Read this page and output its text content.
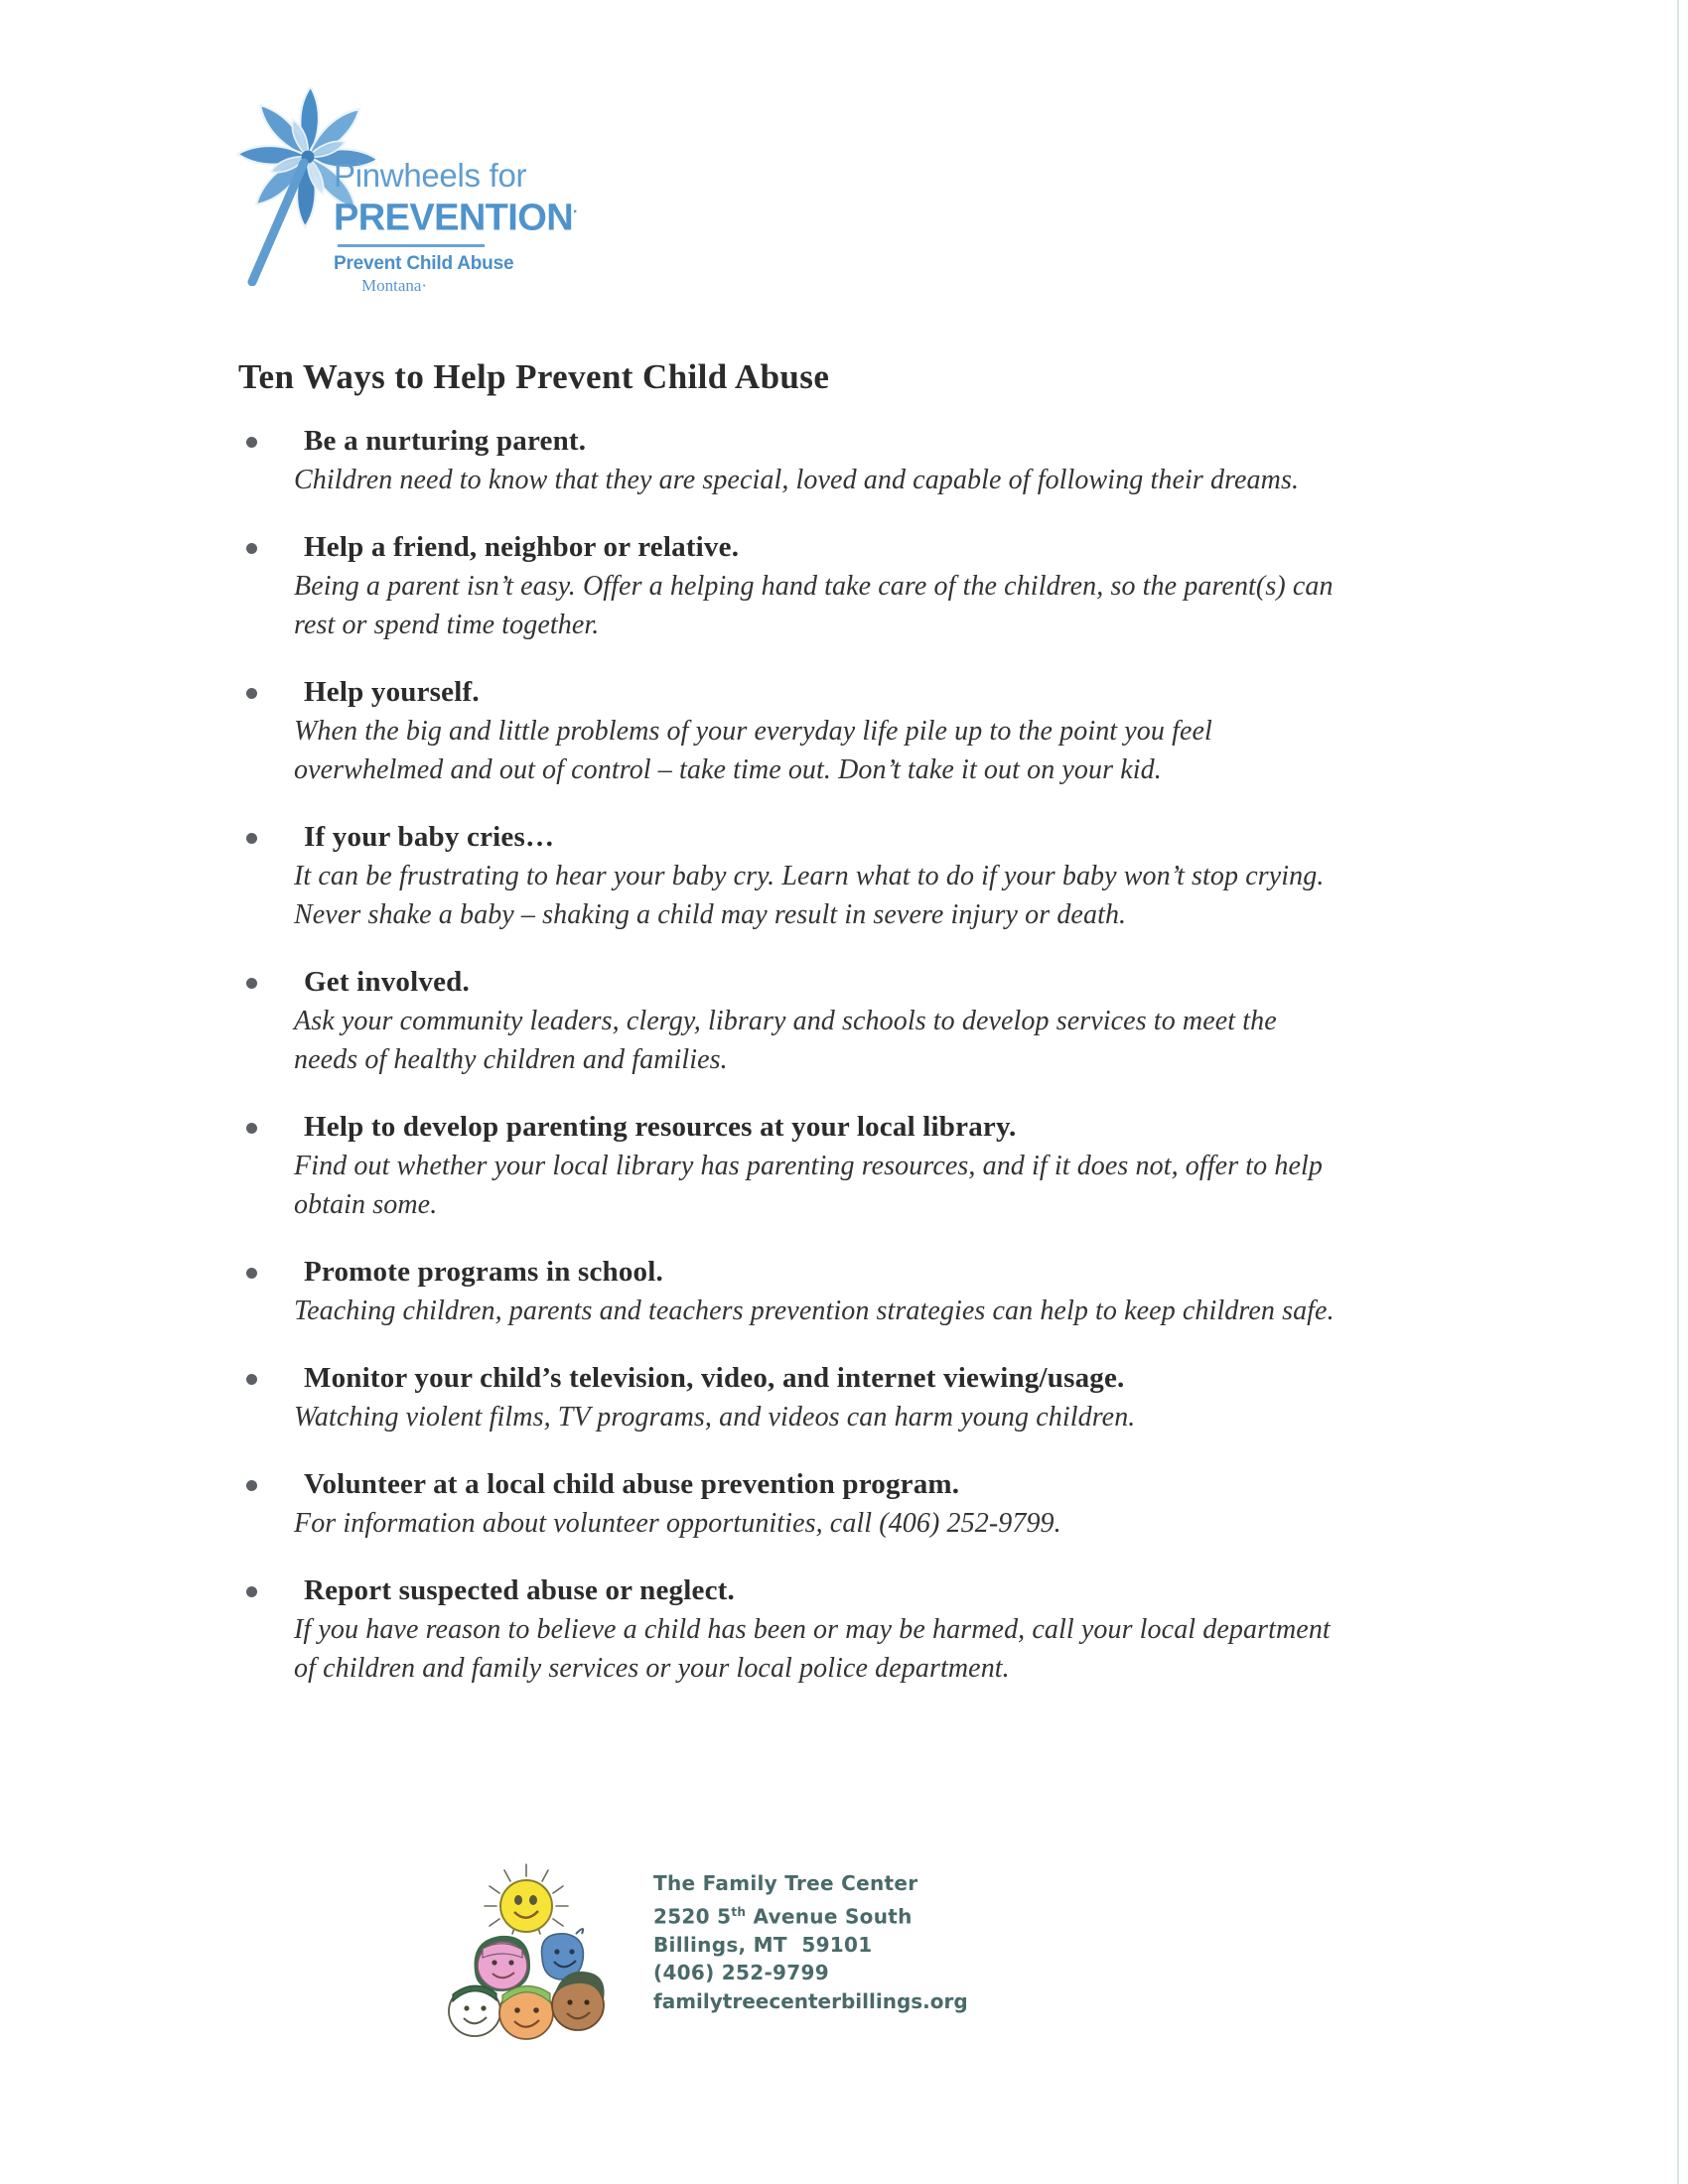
Pinwheels for
PREVENTION·
Prevent Child Abuse
Montana·
Ten Ways to Help Prevent Child Abuse
Be a nurturing parent.
Children need to know that they are special, loved and capable of following their dreams.
Help a friend, neighbor or relative.
Being a parent isn’t easy. Offer a helping hand take care of the children, so the parent(s) can rest or spend time together.
Help yourself.
When the big and little problems of your everyday life pile up to the point you feel overwhelmed and out of control – take time out. Don’t take it out on your kid.
If your baby cries…
It can be frustrating to hear your baby cry. Learn what to do if your baby won’t stop crying. Never shake a baby – shaking a child may result in severe injury or death.
Get involved.
Ask your community leaders, clergy, library and schools to develop services to meet the needs of healthy children and families.
Help to develop parenting resources at your local library.
Find out whether your local library has parenting resources, and if it does not, offer to help obtain some.
Promote programs in school.
Teaching children, parents and teachers prevention strategies can help to keep children safe.
Monitor your child’s television, video, and internet viewing/usage.
Watching violent films, TV programs, and videos can harm young children.
Volunteer at a local child abuse prevention program.
For information about volunteer opportunities, call (406) 252-9799.
Report suspected abuse or neglect.
If you have reason to believe a child has been or may be harmed, call your local department of children and family services or your local police department.
The Family Tree Center
2520 5th Avenue South
Billings, MT  59101
(406) 252-9799
familytreecenterbillings.org
